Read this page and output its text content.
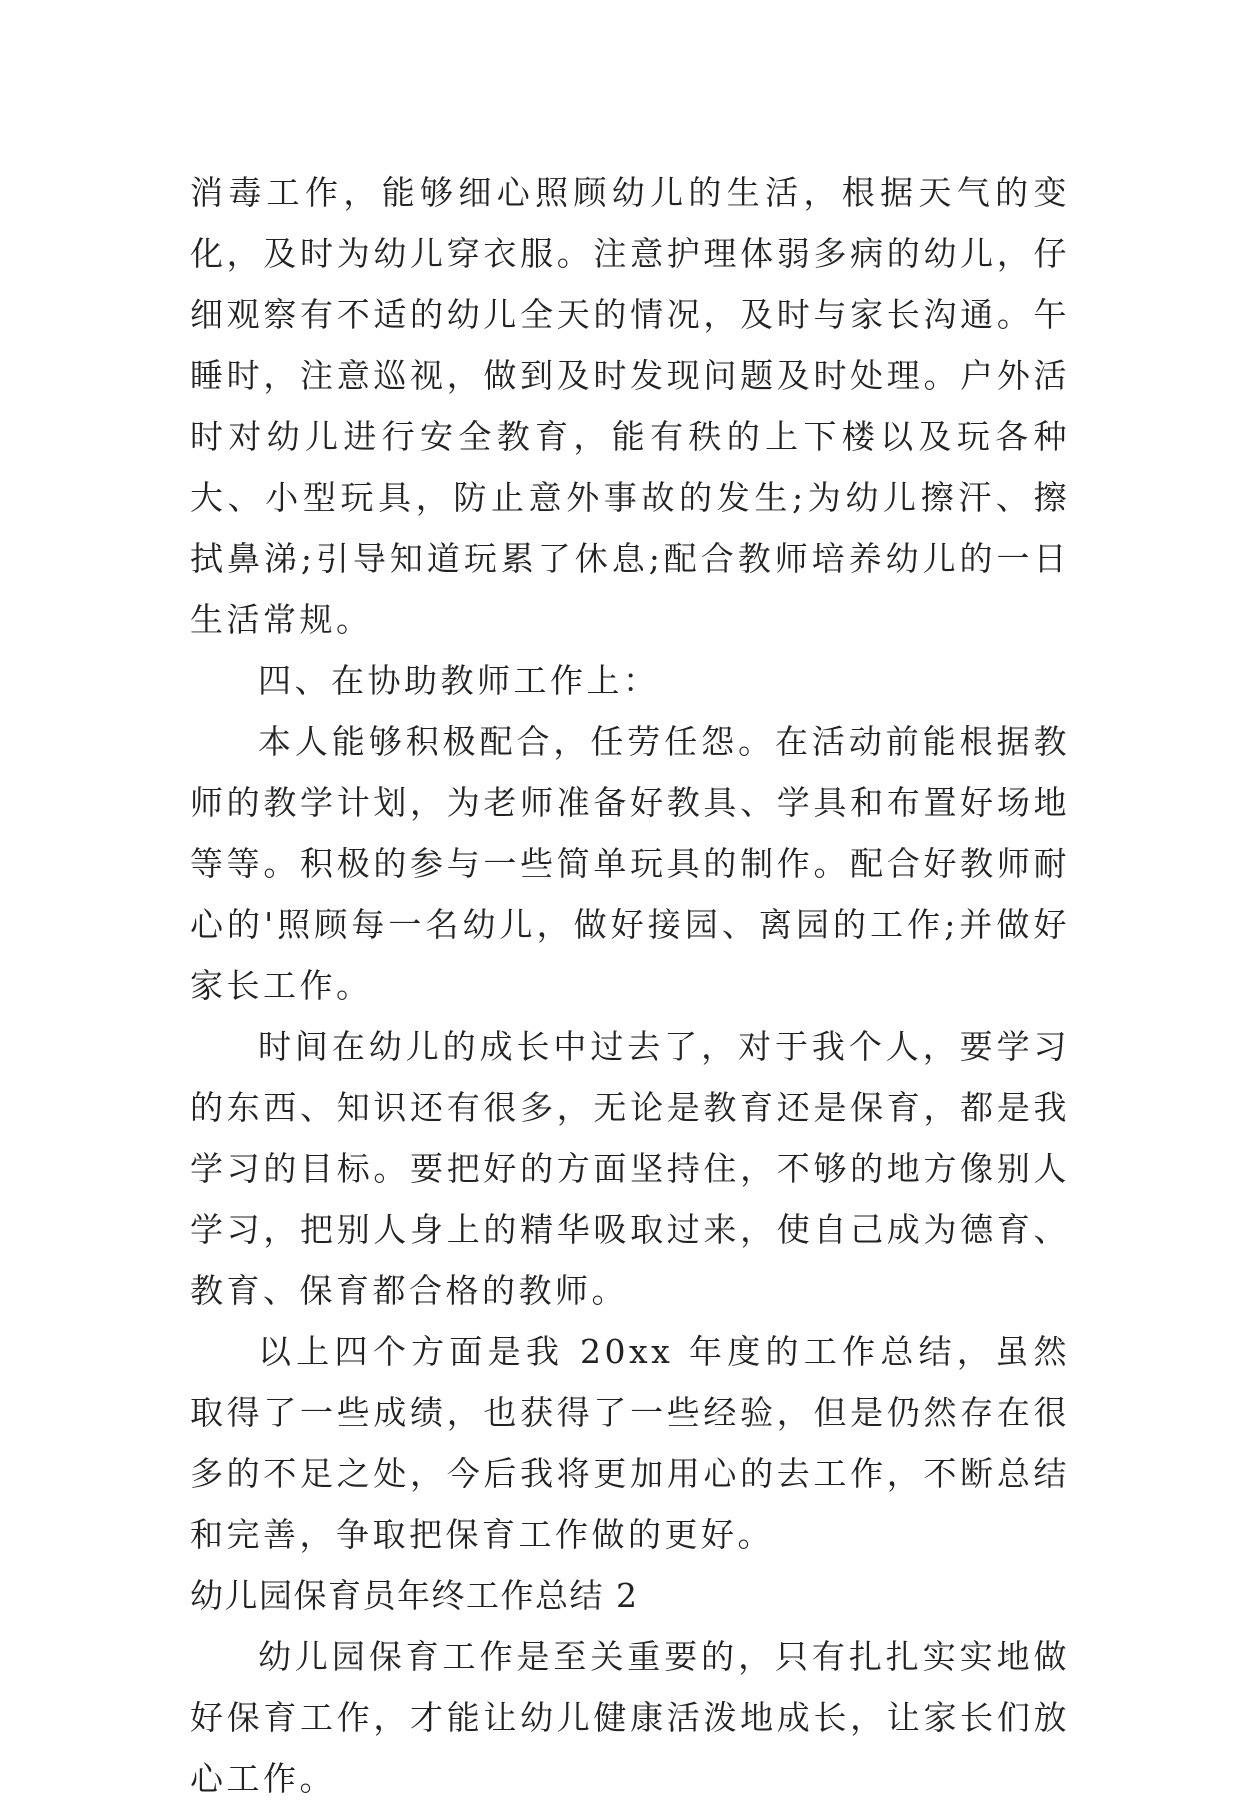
消毒工作，能够细心照顾幼儿的生活，根据天气的变化，及时为幼儿穿衣服。注意护理体弱多病的幼儿，仔细观察有不适的幼儿全天的情况，及时与家长沟通。午睡时，注意巡视，做到及时发现问题及时处理。户外活时对幼儿进行安全教育，能有秩的上下楼以及玩各种大、小型玩具，防止意外事故的发生;为幼儿擦汗、擦拭鼻涕;引导知道玩累了休息;配合教师培养幼儿的一日生活常规。

四、在协助教师工作上：

本人能够积极配合，任劳任怨。在活动前能根据教师的教学计划，为老师准备好教具、学具和布置好场地等等。积极的参与一些简单玩具的制作。配合好教师耐心的'照顾每一名幼儿，做好接园、离园的工作;并做好家长工作。

时间在幼儿的成长中过去了，对于我个人，要学习的东西、知识还有很多，无论是教育还是保育，都是我学习的目标。要把好的方面坚持住，不够的地方像别人学习，把别人身上的精华吸取过来，使自己成为德育、教育、保育都合格的教师。

以上四个方面是我 20xx 年度的工作总结，虽然取得了一些成绩，也获得了一些经验，但是仍然存在很多的不足之处，今后我将更加用心的去工作，不断总结和完善，争取把保育工作做的更好。

幼儿园保育员年终工作总结 2

幼儿园保育工作是至关重要的，只有扎扎实实地做好保育工作，才能让幼儿健康活泼地成长，让家长们放心工作。
